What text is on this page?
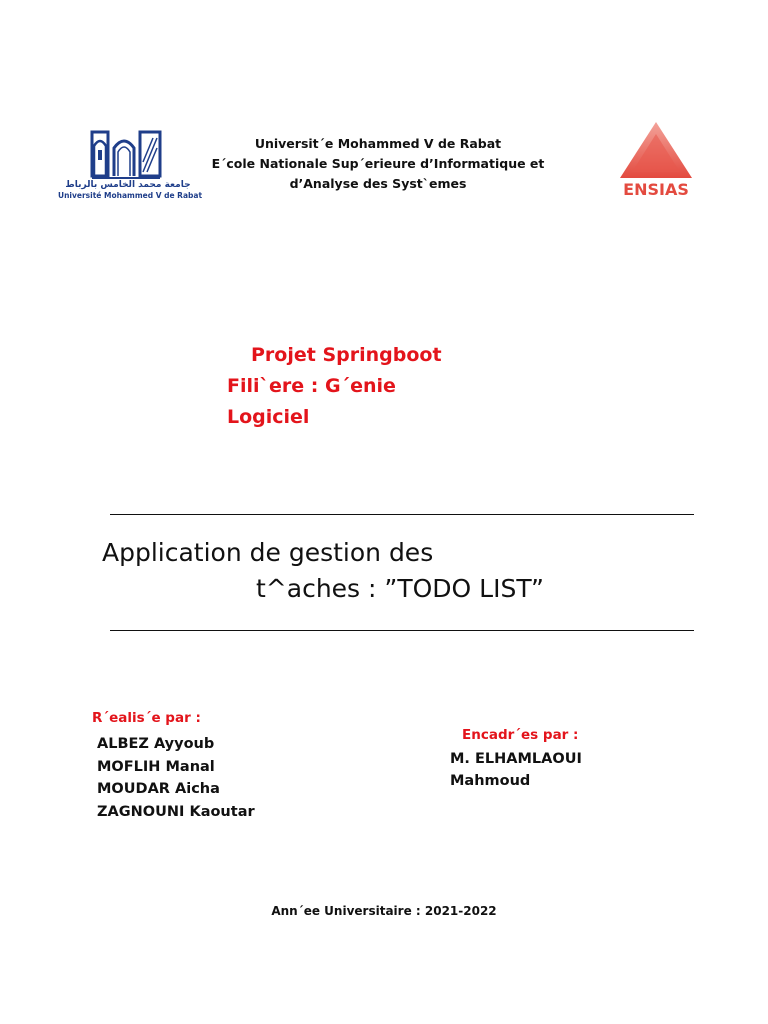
جامعة محمد الخامس بالرباط
Université Mohammed V de Rabat
Universit´e Mohammed V de Rabat
E´cole Nationale Sup´erieure d’Informatique et
d’Analyse des Syst`emes	ENSIAS
Projet Springboot
Fili`ere : G´enie
Logiciel
Application de gestion des
t^aches : ”TODO LIST”
R´ealis´e par :
ALBEZ Ayyoub
MOFLIH Manal
MOUDAR Aicha
ZAGNOUNI Kaoutar
Encadr´es par :
M. ELHAMLAOUI
Mahmoud
Ann´ee Universitaire : 2021-2022
